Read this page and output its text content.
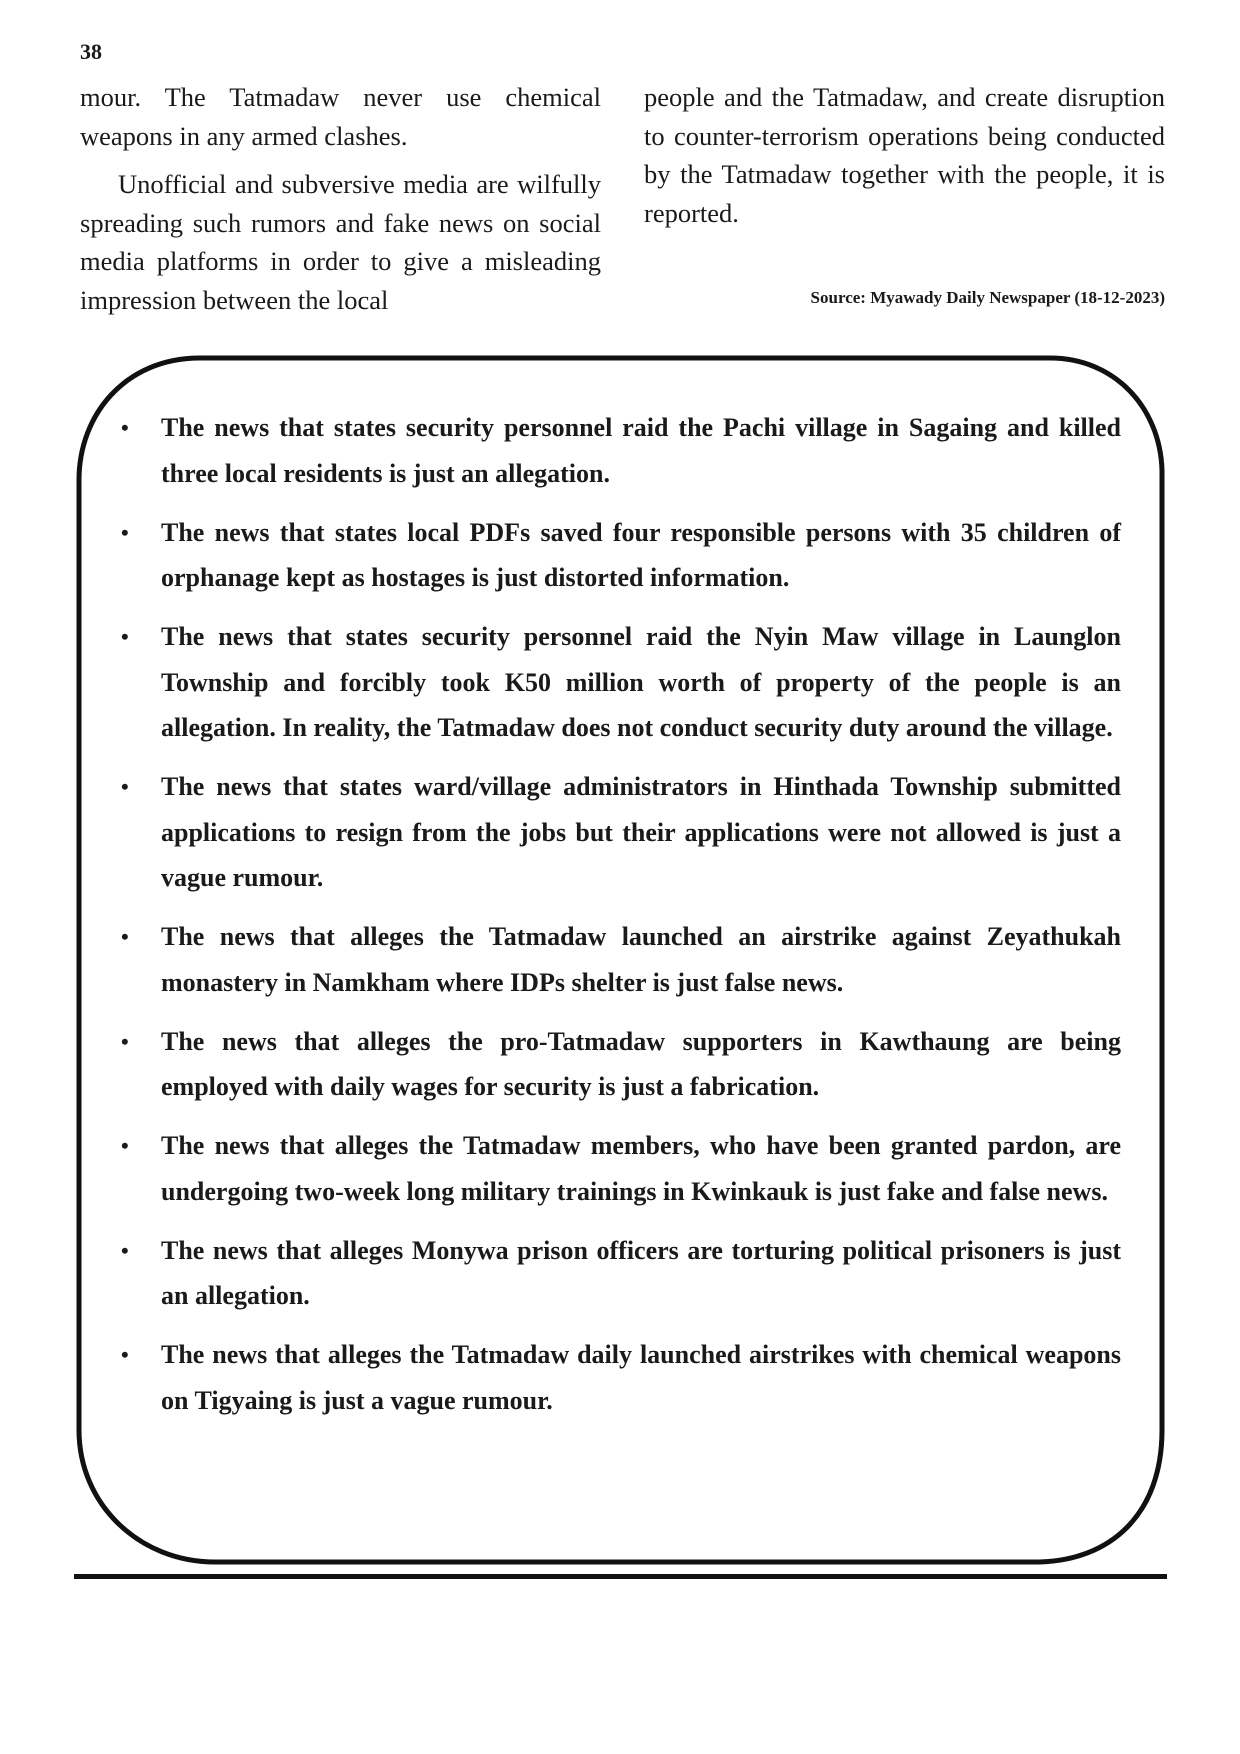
38

mour. The Tatmadaw never use chemical weapons in any armed clashes.

Unofficial and subversive media are wilfully spreading such rumors and fake news on social media platforms in order to give a misleading impression between the local

people and the Tatmadaw, and create disruption to counter-terrorism operations being conducted by the Tatmadaw together with the people, it is reported.

Source: Myawady Daily Newspaper (18-12-2023)
• The news that states security personnel raid the Pachi village in Sagaing and killed three local residents is just an allegation.
• The news that states local PDFs saved four responsible persons with 35 children of orphanage kept as hostages is just distorted information.
• The news that states security personnel raid the Nyin Maw village in Launglon Township and forcibly took K50 million worth of property of the people is an allegation. In reality, the Tatmadaw does not conduct security duty around the village.
• The news that states ward/village administrators in Hinthada Township submitted applications to resign from the jobs but their applications were not allowed is just a vague rumour.
• The news that alleges the Tatmadaw launched an airstrike against Zeyathukah monastery in Namkham where IDPs shelter is just false news.
• The news that alleges the pro-Tatmadaw supporters in Kawthaung are being employed with daily wages for security is just a fabrication.
• The news that alleges the Tatmadaw members, who have been granted pardon, are undergoing two-week long military trainings in Kwinkauk is just fake and false news.
• The news that alleges Monywa prison officers are torturing political prisoners is just an allegation.
• The news that alleges the Tatmadaw daily launched airstrikes with chemical weapons on Tigyaing is just a vague rumour.
